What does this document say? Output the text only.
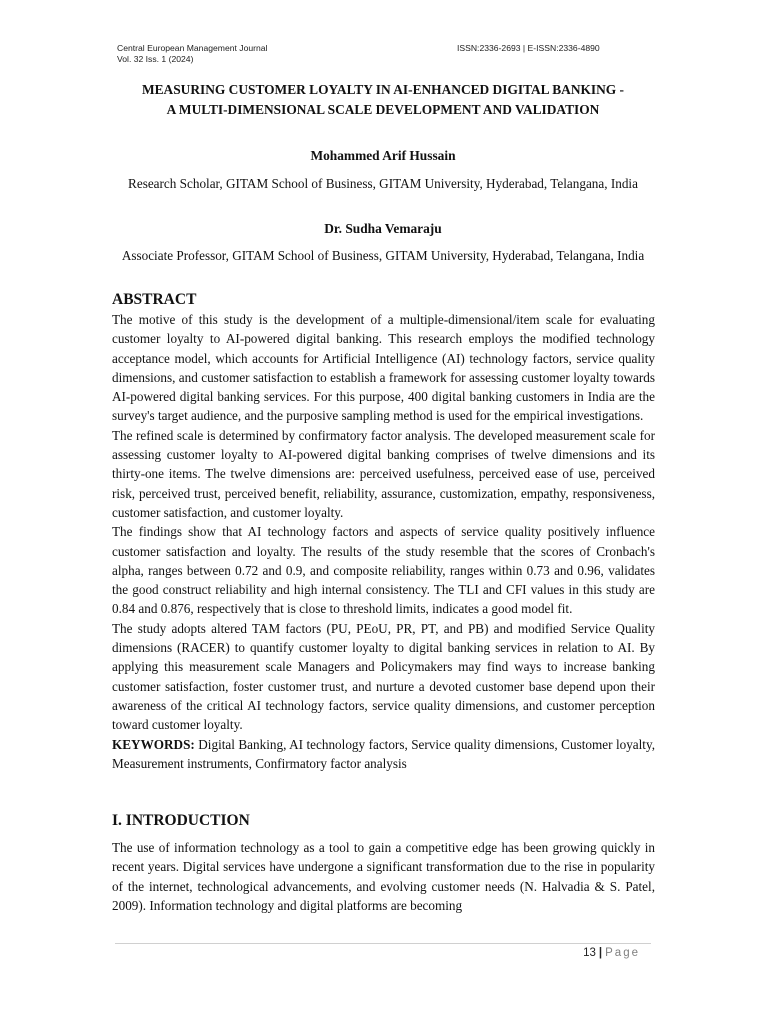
Central European Management Journal
Vol. 32 Iss. 1 (2024)
ISSN:2336-2693 | E-ISSN:2336-4890
MEASURING CUSTOMER LOYALTY IN AI-ENHANCED DIGITAL BANKING -
A MULTI-DIMENSIONAL SCALE DEVELOPMENT AND VALIDATION
Mohammed Arif Hussain
Research Scholar, GITAM School of Business, GITAM University, Hyderabad, Telangana, India
Dr. Sudha Vemaraju
Associate Professor, GITAM School of Business, GITAM University, Hyderabad, Telangana, India
ABSTRACT

The motive of this study is the development of a multiple-dimensional/item scale for evaluating customer loyalty to AI-powered digital banking. This research employs the modified technology acceptance model, which accounts for Artificial Intelligence (AI) technology factors, service quality dimensions, and customer satisfaction to establish a framework for assessing customer loyalty towards AI-powered digital banking services. For this purpose, 400 digital banking customers in India are the survey's target audience, and the purposive sampling method is used for the empirical investigations.

The refined scale is determined by confirmatory factor analysis. The developed measurement scale for assessing customer loyalty to AI-powered digital banking comprises of twelve dimensions and its thirty-one items. The twelve dimensions are: perceived usefulness, perceived ease of use, perceived risk, perceived trust, perceived benefit, reliability, assurance, customization, empathy, responsiveness, customer satisfaction, and customer loyalty.

The findings show that AI technology factors and aspects of service quality positively influence customer satisfaction and loyalty. The results of the study resemble that the scores of Cronbach's alpha, ranges between 0.72 and 0.9, and composite reliability, ranges within 0.73 and 0.96, validates the good construct reliability and high internal consistency. The TLI and CFI values in this study are 0.84 and 0.876, respectively that is close to threshold limits, indicates a good model fit.

The study adopts altered TAM factors (PU, PEoU, PR, PT, and PB) and modified Service Quality dimensions (RACER) to quantify customer loyalty to digital banking services in relation to AI. By applying this measurement scale Managers and Policymakers may find ways to increase banking customer satisfaction, foster customer trust, and nurture a devoted customer base depend upon their awareness of the critical AI technology factors, service quality dimensions, and customer perception toward customer loyalty.

KEYWORDS: Digital Banking, AI technology factors, Service quality dimensions, Customer loyalty, Measurement instruments, Confirmatory factor analysis

I. INTRODUCTION

The use of information technology as a tool to gain a competitive edge has been growing quickly in recent years. Digital services have undergone a significant transformation due to the rise in popularity of the internet, technological advancements, and evolving customer needs (N. Halvadia & S. Patel, 2009). Information technology and digital platforms are becoming

13 | Page
